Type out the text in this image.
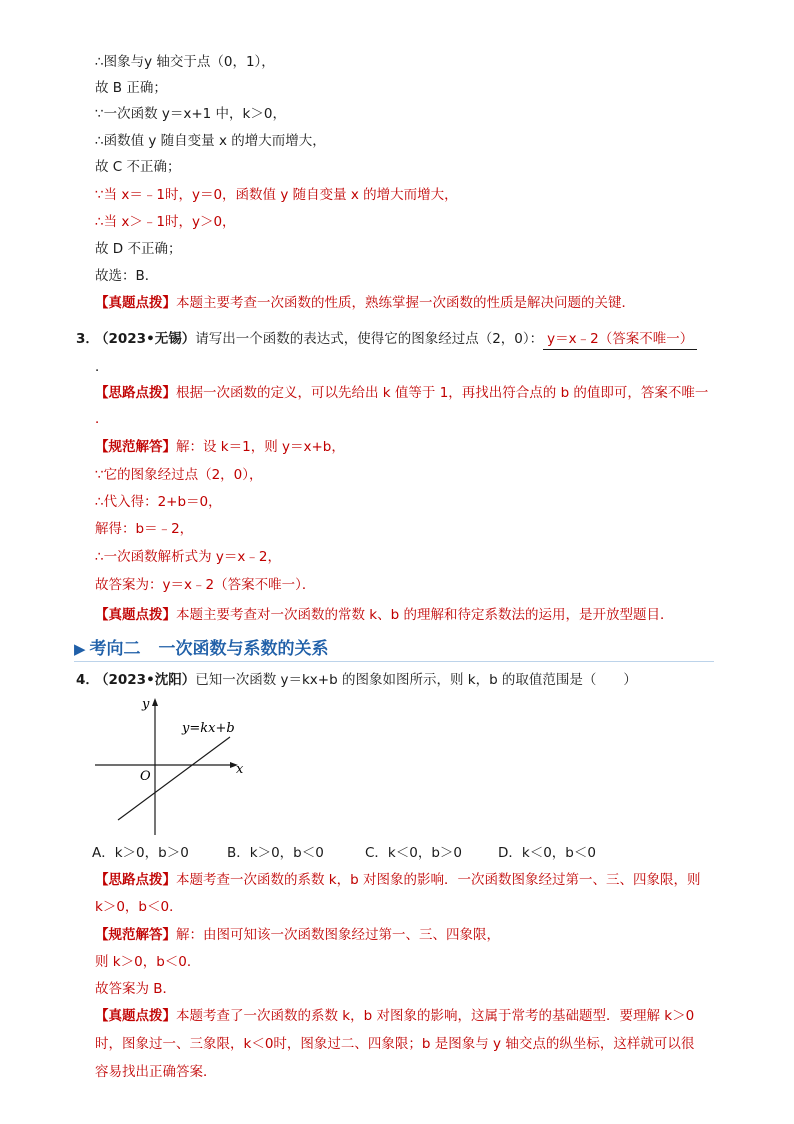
∴图象与y 轴交于点（0，1），
故 B 正确；
∵一次函数 y＝x+1 中，k＞0，
∴函数值 y 随自变量 x 的增大而增大，
故 C 不正确；
∵当 x＝﹣1时，y＝0，函数值 y 随自变量 x 的增大而增大，
∴当 x＞﹣1时，y＞0，
故 D 不正确；
故选：B．
【真题点拨】本题主要考查一次函数的性质，熟练掌握一次函数的性质是解决问题的关键．
3．
（2023•无锡）请写出一个函数的表达式，使得它的图象经过点（2，0）： y＝x﹣2（答案不唯一）
．
【思路点拨】根据一次函数的定义，可以先给出 k 值等于 1，再找出符合点的 b 的值即可，答案不唯一
．
【规范解答】解：设 k＝1，则 y＝x+b，
∵它的图象经过点（2，0），
∴代入得：2+b＝0，
解得：b＝﹣2，
∴一次函数解析式为 y＝x﹣2，
故答案为：y＝x﹣2（答案不唯一）．
【真题点拨】本题主要考查对一次函数的常数 k、b 的理解和待定系数法的运用，是开放型题目．
▶ 考向二 一次函数与系数的关系
4．
（2023•沈阳）已知一次函数 y＝kx+b 的图象如图所示，则 k，b 的取值范围是（　　）
y
x
O
y=kx+b
A．k＞0，b＞0	B．k＞0，b＜0	C．k＜0，b＞0	D．k＜0，b＜0
【思路点拨】本题考查一次函数的系数 k，b 对图象的影响．一次函数图象经过第一、三、四象限，则
k＞0，b＜0．
【规范解答】解：由图可知该一次函数图象经过第一、三、四象限，
则 k＞0，b＜0．
故答案为 B．
【真题点拨】本题考查了一次函数的系数 k，b 对图象的影响，这属于常考的基础题型．要理解 k＞0
时，图象过一、三象限，k＜0时，图象过二、四象限；b 是图象与 y 轴交点的纵坐标，这样就可以很
容易找出正确答案．
